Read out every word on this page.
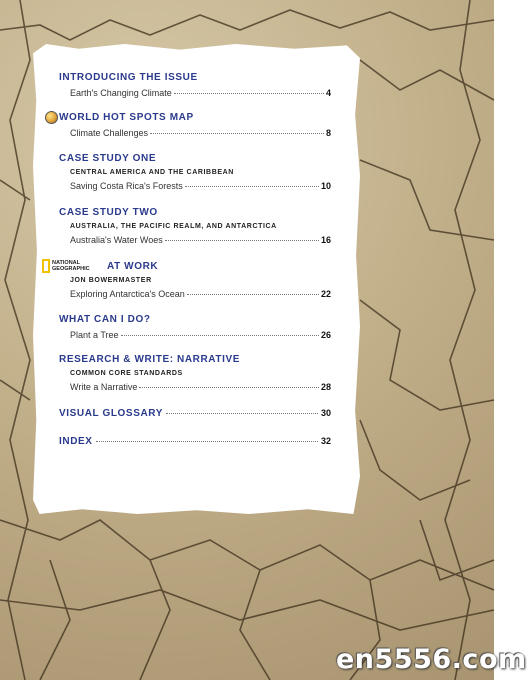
INTRODUCING THE ISSUE
Earth's Changing Climate	4
WORLD HOT SPOTS MAP
Climate Challenges	8
CASE STUDY ONE
CENTRAL AMERICA AND THE CARIBBEAN
Saving Costa Rica's Forests	10
CASE STUDY TWO
AUSTRALIA, THE PACIFIC REALM, AND ANTARCTICA
Australia's Water Woes	16
NATIONAL
GEOGRAPHIC AT WORK
JON BOWERMASTER
Exploring Antarctica's Ocean	22
WHAT CAN I DO?
Plant a Tree	26
RESEARCH & WRITE: NARRATIVE
COMMON CORE STANDARDS
Write a Narrative	28
VISUAL GLOSSARY	30
INDEX	32
en5556.com
